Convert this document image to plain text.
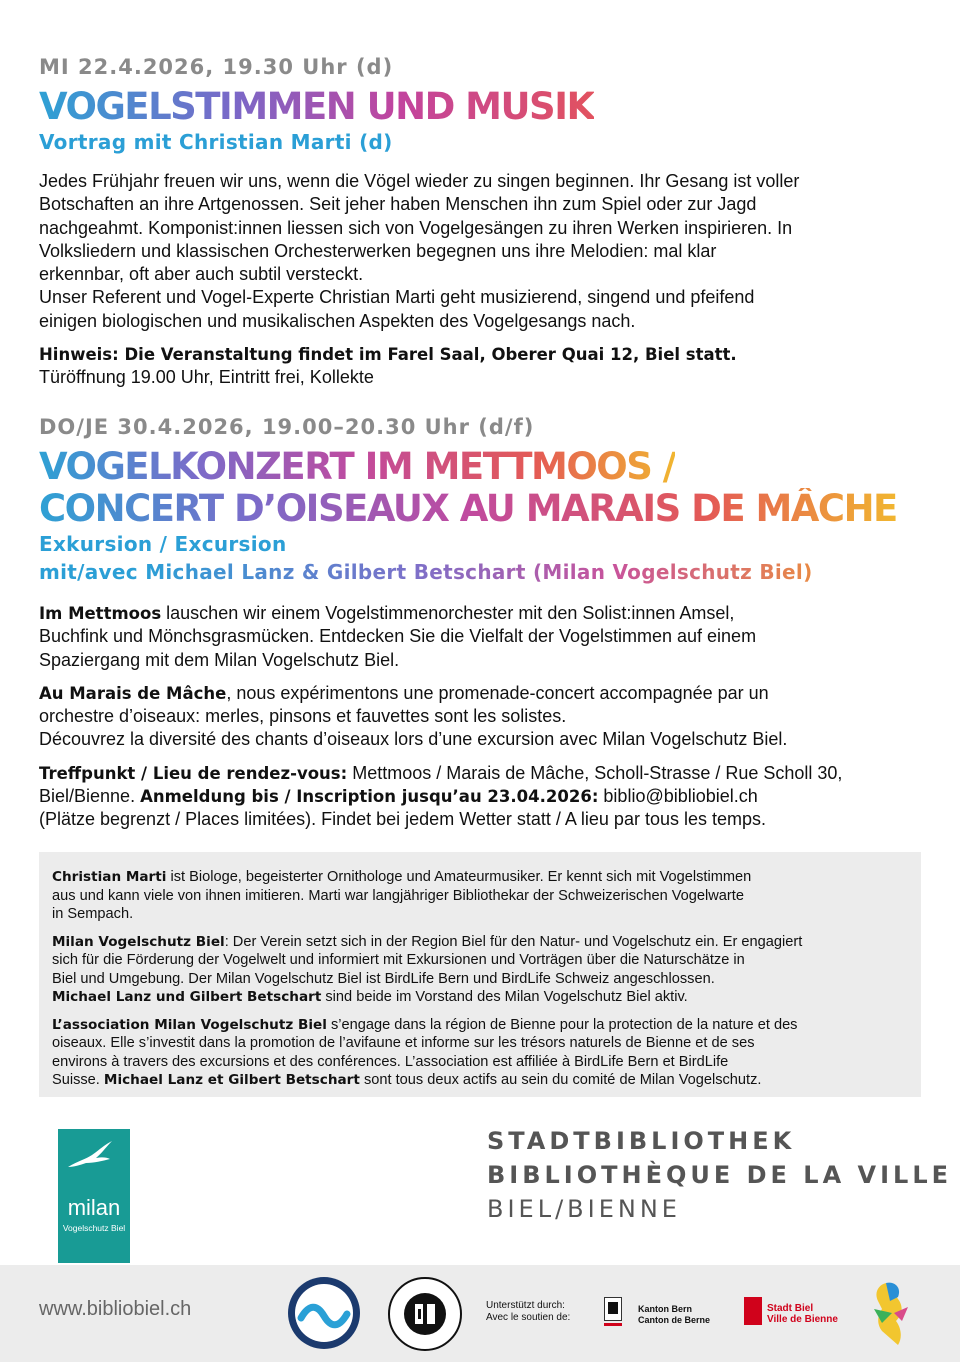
MI 22.4.2026, 19.30 Uhr (d)
VOGELSTIMMEN UND MUSIK
Vortrag mit Christian Marti (d)
Jedes Frühjahr freuen wir uns, wenn die Vögel wieder zu singen beginnen. Ihr Gesang ist voller
Botschaften an ihre Artgenossen. Seit jeher haben Menschen ihn zum Spiel oder zur Jagd
nachgeahmt. Komponist:innen liessen sich von Vogelgesängen zu ihren Werken inspirieren. In
Volksliedern und klassischen Orchesterwerken begegnen uns ihre Melodien: mal klar
erkennbar, oft aber auch subtil versteckt.
Unser Referent und Vogel-Experte Christian Marti geht musizierend, singend und pfeifend
einigen biologischen und musikalischen Aspekten des Vogelgesangs nach.
Hinweis: Die Veranstaltung findet im Farel Saal, Oberer Quai 12, Biel statt.
Türöffnung 19.00 Uhr, Eintritt frei, Kollekte
DO/JE 30.4.2026, 19.00–20.30 Uhr (d/f)
VOGELKONZERT IM METTMOOS /
CONCERT D’OISEAUX AU MARAIS DE MÂCHE
Exkursion / Excursion
mit/avec Michael Lanz & Gilbert Betschart (Milan Vogelschutz Biel)
Im Mettmoos lauschen wir einem Vogelstimmenorchester mit den Solist:innen Amsel,
Buchfink und Mönchsgrasmücken. Entdecken Sie die Vielfalt der Vogelstimmen auf einem
Spaziergang mit dem Milan Vogelschutz Biel.
Au Marais de Mâche, nous expérimentons une promenade-concert accompagnée par un
orchestre d’oiseaux: merles, pinsons et fauvettes sont les solistes.
Découvrez la diversité des chants d’oiseaux lors d’une excursion avec Milan Vogelschutz Biel.
Treffpunkt / Lieu de rendez-vous: Mettmoos / Marais de Mâche, Scholl-Strasse / Rue Scholl 30,
Biel/Bienne. Anmeldung bis / Inscription jusqu’au 23.04.2026: biblio@bibliobiel.ch
(Plätze begrenzt / Places limitées). Findet bei jedem Wetter statt / A lieu par tous les temps.
Christian Marti ist Biologe, begeisterter Ornithologe und Amateurmusiker. Er kennt sich mit Vogelstimmen
aus und kann viele von ihnen imitieren. Marti war langjähriger Bibliothekar der Schweizerischen Vogelwarte
in Sempach.
Milan Vogelschutz Biel: Der Verein setzt sich in der Region Biel für den Natur- und Vogelschutz ein. Er engagiert
sich für die Förderung der Vogelwelt und informiert mit Exkursionen und Vorträgen über die Naturschätze in
Biel und Umgebung. Der Milan Vogelschutz Biel ist BirdLife Bern und BirdLife Schweiz angeschlossen.
Michael Lanz und Gilbert Betschart sind beide im Vorstand des Milan Vogelschutz Biel aktiv.
L’association Milan Vogelschutz Biel s’engage dans la région de Bienne pour la protection de la nature et des
oiseaux. Elle s’investit dans la promotion de l’avifaune et informe sur les trésors naturels de Bienne et de ses
environs à travers des excursions et des conférences. L’association est affiliée à BirdLife Bern et BirdLife
Suisse. Michael Lanz et Gilbert Betschart sont tous deux actifs au sein du comité de Milan Vogelschutz.
milan
Vogelschutz Biel
STADTBIBLIOTHEK
BIBLIOTHÈQUE DE LA VILLE
BIEL/BIENNE
www.bibliobiel.ch	Unterstützt durch:
Avec le soutien de:
Kanton Bern
Canton de Berne
Stadt Biel
Ville de Bienne
